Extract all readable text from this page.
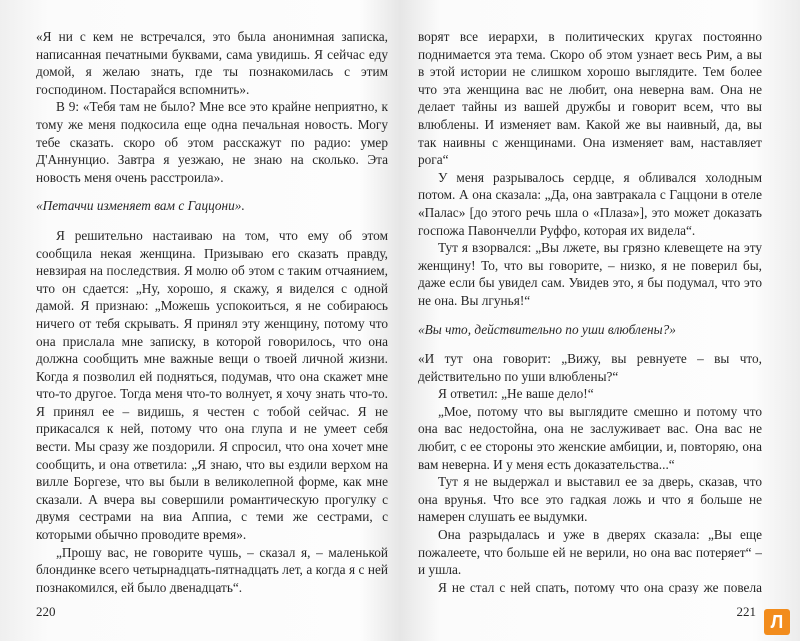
«Я ни с кем не встречался, это была анонимная записка, написанная печатными буквами, сама увидишь. Я сейчас еду домой, я желаю знать, где ты познакомилась с этим господином. Постарайся вспомнить».

В 9: «Тебя там не было? Мне все это крайне неприятно, к тому же меня подкосила еще одна печальная новость. Могу тебе сказать. скоро об этом расскажут по радио: умер Д'Аннунцио. Завтра я уезжаю, не знаю на сколько. Эта новость меня очень расстроила».

«Петаччи изменяет вам с Гаццони».

Я решительно настаиваю на том, что ему об этом сообщила некая женщина. Призываю его сказать правду, невзирая на последствия. Я молю об этом с таким отчаянием, что он сдается: „Ну, хорошо, я скажу, я виделся с одной дамой. Я признаю: „Можешь успокоиться, я не собираюсь ничего от тебя скрывать. Я принял эту женщину, потому что она прислала мне записку, в которой говорилось, что она должна сообщить мне важные вещи о твоей личной жизни. Когда я позволил ей подняться, подумав, что она скажет мне что-то другое. Тогда меня что-то волнует, я хочу знать что-то. Я принял ее – видишь, я честен с тобой сейчас. Я не прикасался к ней, потому что она глупа и не умеет себя вести. Мы сразу же поздорили. Я спросил, что она хочет мне сообщить, и она ответила: „Я знаю, что вы ездили верхом на вилле Боргезе, что вы были в великолепной форме, как мне сказали. А вчера вы совершили романтическую прогулку с двумя сестрами на виа Аппиа, с теми же сестрами, с которыми обычно проводите время».

„Прошу вас, не говорите чушь, – сказал я, – маленькой блондинке всего четырнадцать-пятнадцать лет, а когда я с ней познакомился, ей было двенадцать“.

220

ворят все иерархи, в политических кругах постоянно поднимается эта тема. Скоро об этом узнает весь Рим, а вы в этой истории не слишком хорошо выглядите. Тем более что эта женщина вас не любит, она неверна вам. Она не делает тайны из вашей дружбы и говорит всем, что вы влюблены. И изменяет вам. Какой же вы наивный, да, вы так наивны с женщинами. Она изменяет вам, наставляет рога“

У меня разрывалось сердце, я обливался холодным потом. А она сказала: „Да, она завтракала с Гаццони в отеле «Палас» [до этого речь шла о «Плаза»], это может доказать госпожа Павончелли Руффо, которая их видела“.

Тут я взорвался: „Вы лжете, вы грязно клевещете на эту женщину! То, что вы говорите, – низко, я не поверил бы, даже если бы увидел сам. Увидев это, я бы подумал, что это не она. Вы лгунья!“

«Вы что, действительно по уши влюблены?»

«И тут она говорит: „Вижу, вы ревнуете – вы что, действительно по уши влюблены?“

Я ответил: „Не ваше дело!“

„Мое, потому что вы выглядите смешно и потому что она вас недостойна, она не заслуживает вас. Она вас не любит, с ее стороны это женские амбиции, и, повторяю, она вам неверна. И у меня есть доказательства...“

Тут я не выдержал и выставил ее за дверь, сказав, что она врунья. Что все это гадкая ложь и что я больше не намерен слушать ее выдумки.

Она разрыдалась и уже в дверях сказала: „Вы еще пожалеете, что больше ей не верили, но она вас потеряет“ – и ушла.

Я не стал с ней спать, потому что она сразу же повела

221
Л
